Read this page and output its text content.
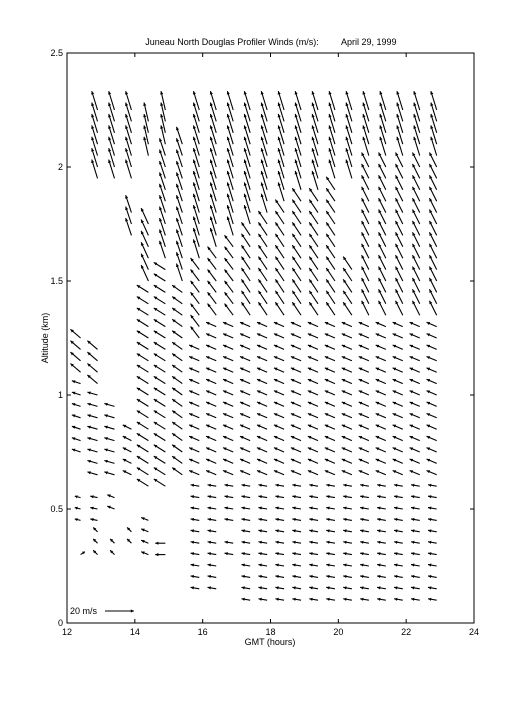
Juneau North Douglas Profiler Winds (m/s): April 29, 1999
12	14	16	18	20	22	24
0
0.5
1
1.5
2
2.5
GMT (hours)
Altitude (km)
20 m/s
